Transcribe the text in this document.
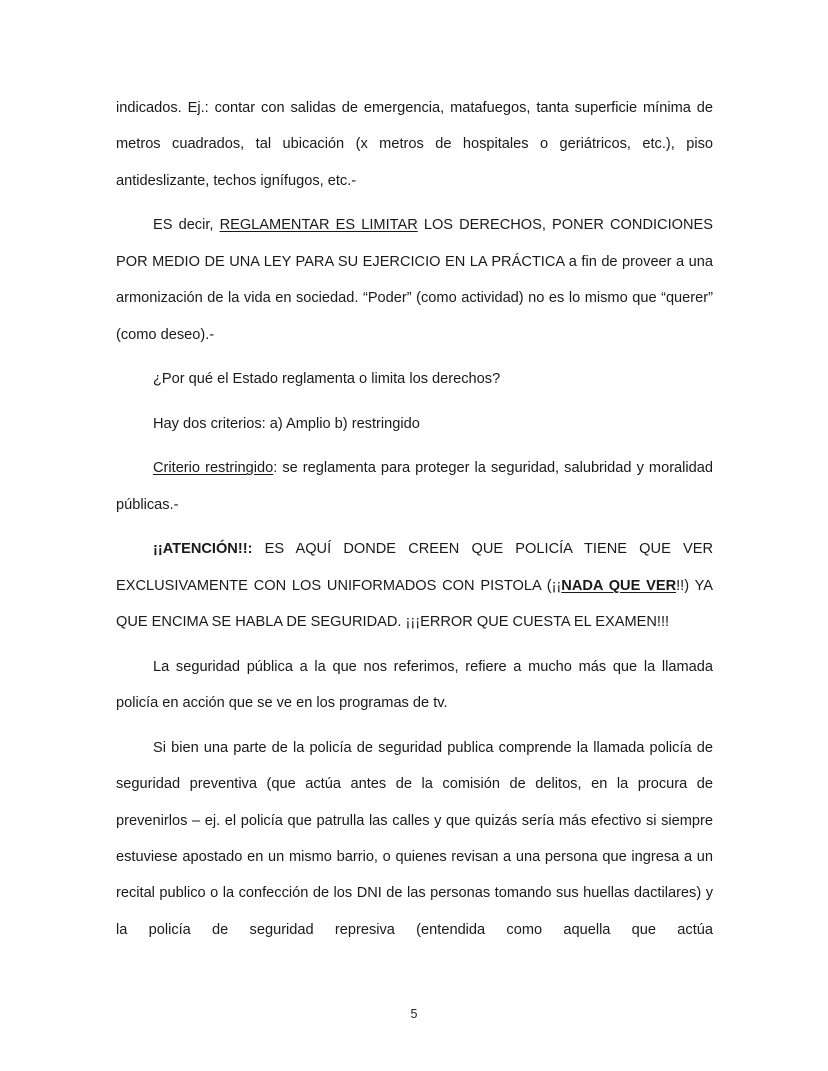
indicados. Ej.: contar con salidas de emergencia, matafuegos, tanta superficie mínima de metros cuadrados, tal ubicación (x metros de hospitales o geriátricos, etc.), piso antideslizante, techos ignífugos, etc.-

ES decir, REGLAMENTAR ES LIMITAR LOS DERECHOS, PONER CONDICIONES POR MEDIO DE UNA LEY PARA SU EJERCICIO EN LA PRÁCTICA a fin de proveer a una armonización de la vida en sociedad. “Poder” (como actividad) no es lo mismo que “querer” (como deseo).-

¿Por qué el Estado reglamenta o limita los derechos?

Hay dos criterios: a) Amplio b) restringido

Criterio restringido: se reglamenta para proteger la seguridad, salubridad y moralidad públicas.-

¡¡ATENCIÓN!!: ES AQUÍ DONDE CREEN QUE POLICÍA TIENE QUE VER EXCLUSIVAMENTE CON LOS UNIFORMADOS CON PISTOLA (¡¡NADA QUE VER!!) YA QUE ENCIMA SE HABLA DE SEGURIDAD. ¡¡¡ERROR QUE CUESTA EL EXAMEN!!!

La seguridad pública a la que nos referimos, refiere a mucho más que la llamada policía en acción que se ve en los programas de tv.

Si bien una parte de la policía de seguridad publica comprende la llamada policía de seguridad preventiva (que actúa antes de la comisión de delitos, en la procura de prevenirlos – ej. el policía que patrulla las calles y que quizás sería más efectivo si siempre estuviese apostado en un mismo barrio, o quienes revisan a una persona que ingresa a un recital publico o la confección de los DNI de las personas tomando sus huellas dactilares) y la policía de seguridad represiva (entendida como aquella que actúa

5
